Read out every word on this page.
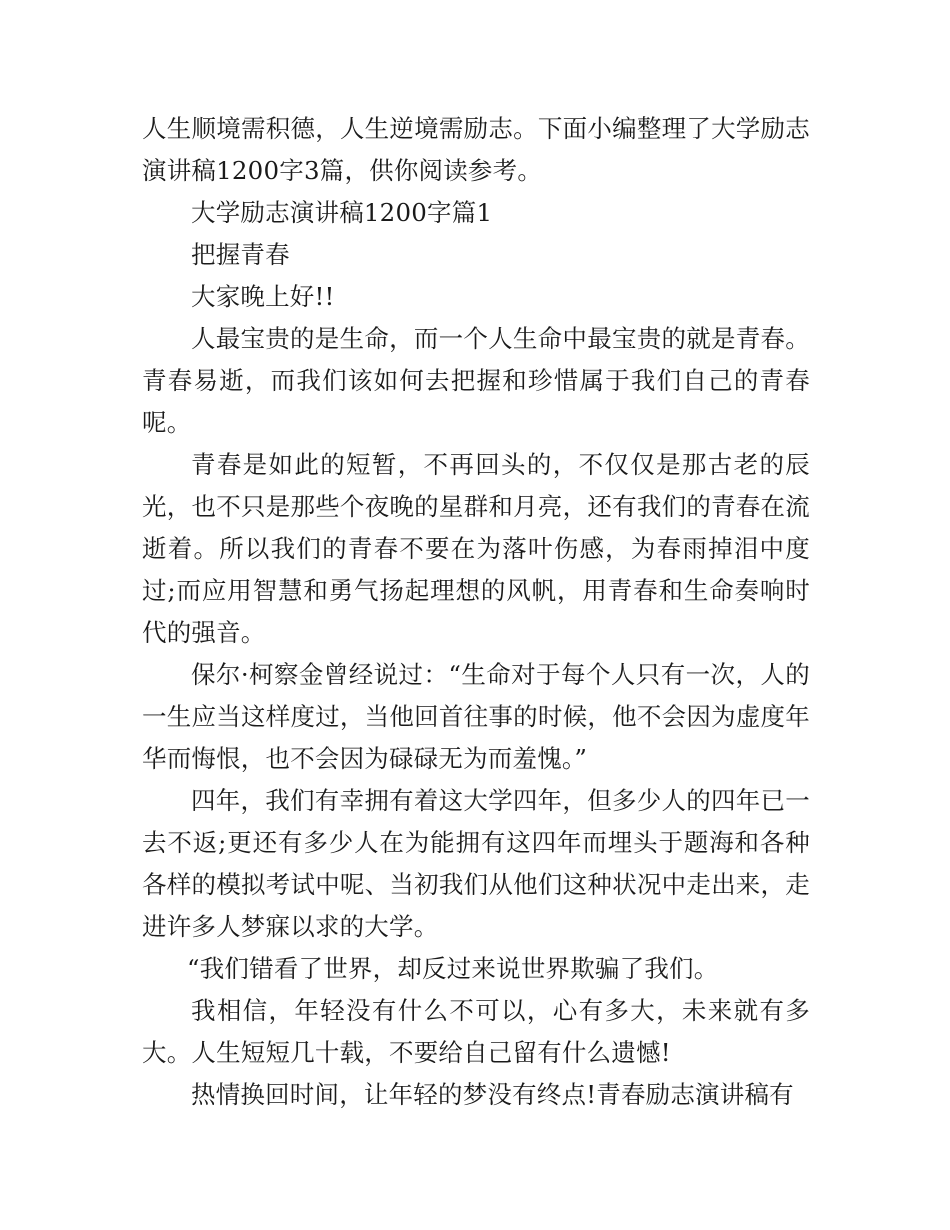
人生顺境需积德，人生逆境需励志。下面小编整理了大学励志演讲稿1200字3篇，供你阅读参考。

大学励志演讲稿1200字篇1

把握青春

大家晚上好!!

人最宝贵的是生命，而一个人生命中最宝贵的就是青春。青春易逝，而我们该如何去把握和珍惜属于我们自己的青春呢。

青春是如此的短暂，不再回头的，不仅仅是那古老的辰光，也不只是那些个夜晚的星群和月亮，还有我们的青春在流逝着。所以我们的青春不要在为落叶伤感，为春雨掉泪中度过;而应用智慧和勇气扬起理想的风帆，用青春和生命奏响时代的强音。

保尔·柯察金曾经说过：“生命对于每个人只有一次，人的一生应当这样度过，当他回首往事的时候，他不会因为虚度年华而悔恨，也不会因为碌碌无为而羞愧。”

四年，我们有幸拥有着这大学四年，但多少人的四年已一去不返;更还有多少人在为能拥有这四年而埋头于题海和各种各样的模拟考试中呢、当初我们从他们这种状况中走出来，走进许多人梦寐以求的大学。

“我们错看了世界，却反过来说世界欺骗了我们。

我相信，年轻没有什么不可以，心有多大，未来就有多大。人生短短几十载，不要给自己留有什么遗憾!

热情换回时间，让年轻的梦没有终点!青春励志演讲稿有
